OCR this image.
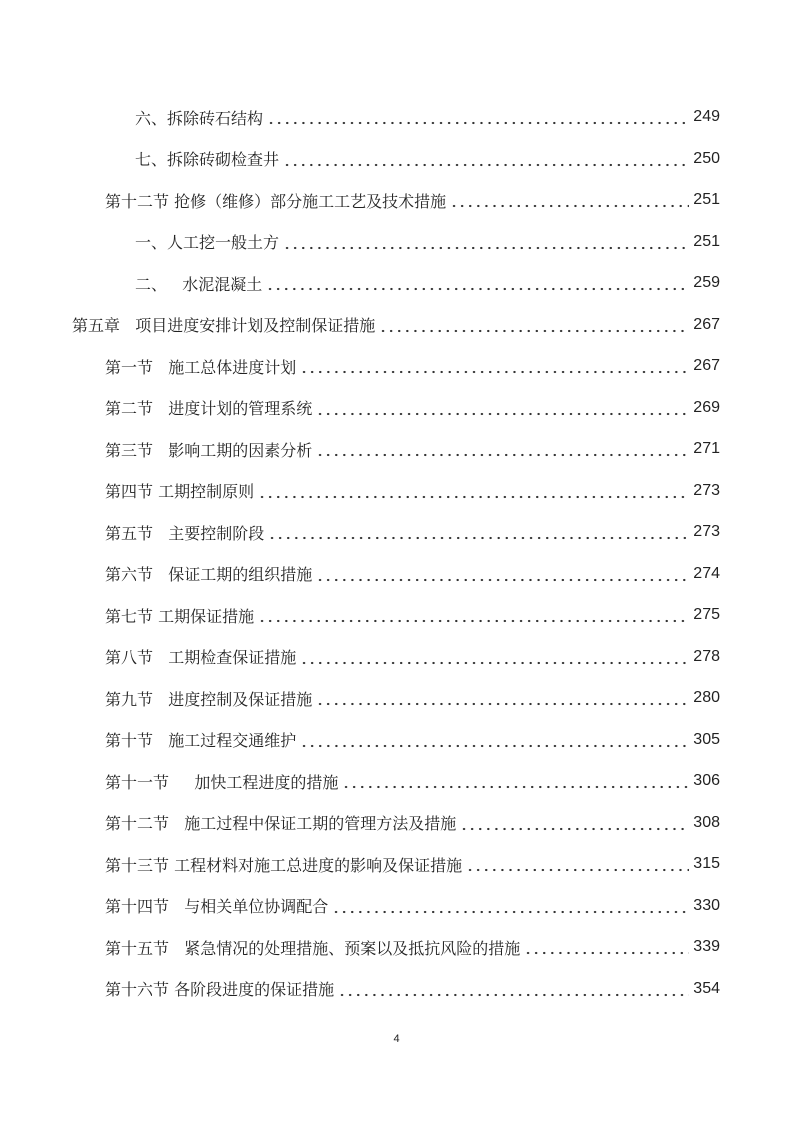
六、拆除砖石结构	249
七、拆除砖砌检查井	250
第十二节 抢修（维修）部分施工工艺及技术措施	251
一、人工挖一般土方	251
二、   水泥混凝土	259
第五章   项目进度安排计划及控制保证措施	267
第一节   施工总体进度计划	267
第二节   进度计划的管理系统	269
第三节   影响工期的因素分析	271
第四节 工期控制原则	273
第五节   主要控制阶段	273
第六节   保证工期的组织措施	274
第七节 工期保证措施	275
第八节   工期检查保证措施	278
第九节   进度控制及保证措施	280
第十节   施工过程交通维护	305
第十一节     加快工程进度的措施	306
第十二节   施工过程中保证工期的管理方法及措施	308
第十三节 工程材料对施工总进度的影响及保证措施	315
第十四节   与相关单位协调配合	330
第十五节   紧急情况的处理措施、预案以及抵抗风险的措施	339
第十六节 各阶段进度的保证措施	354
4
